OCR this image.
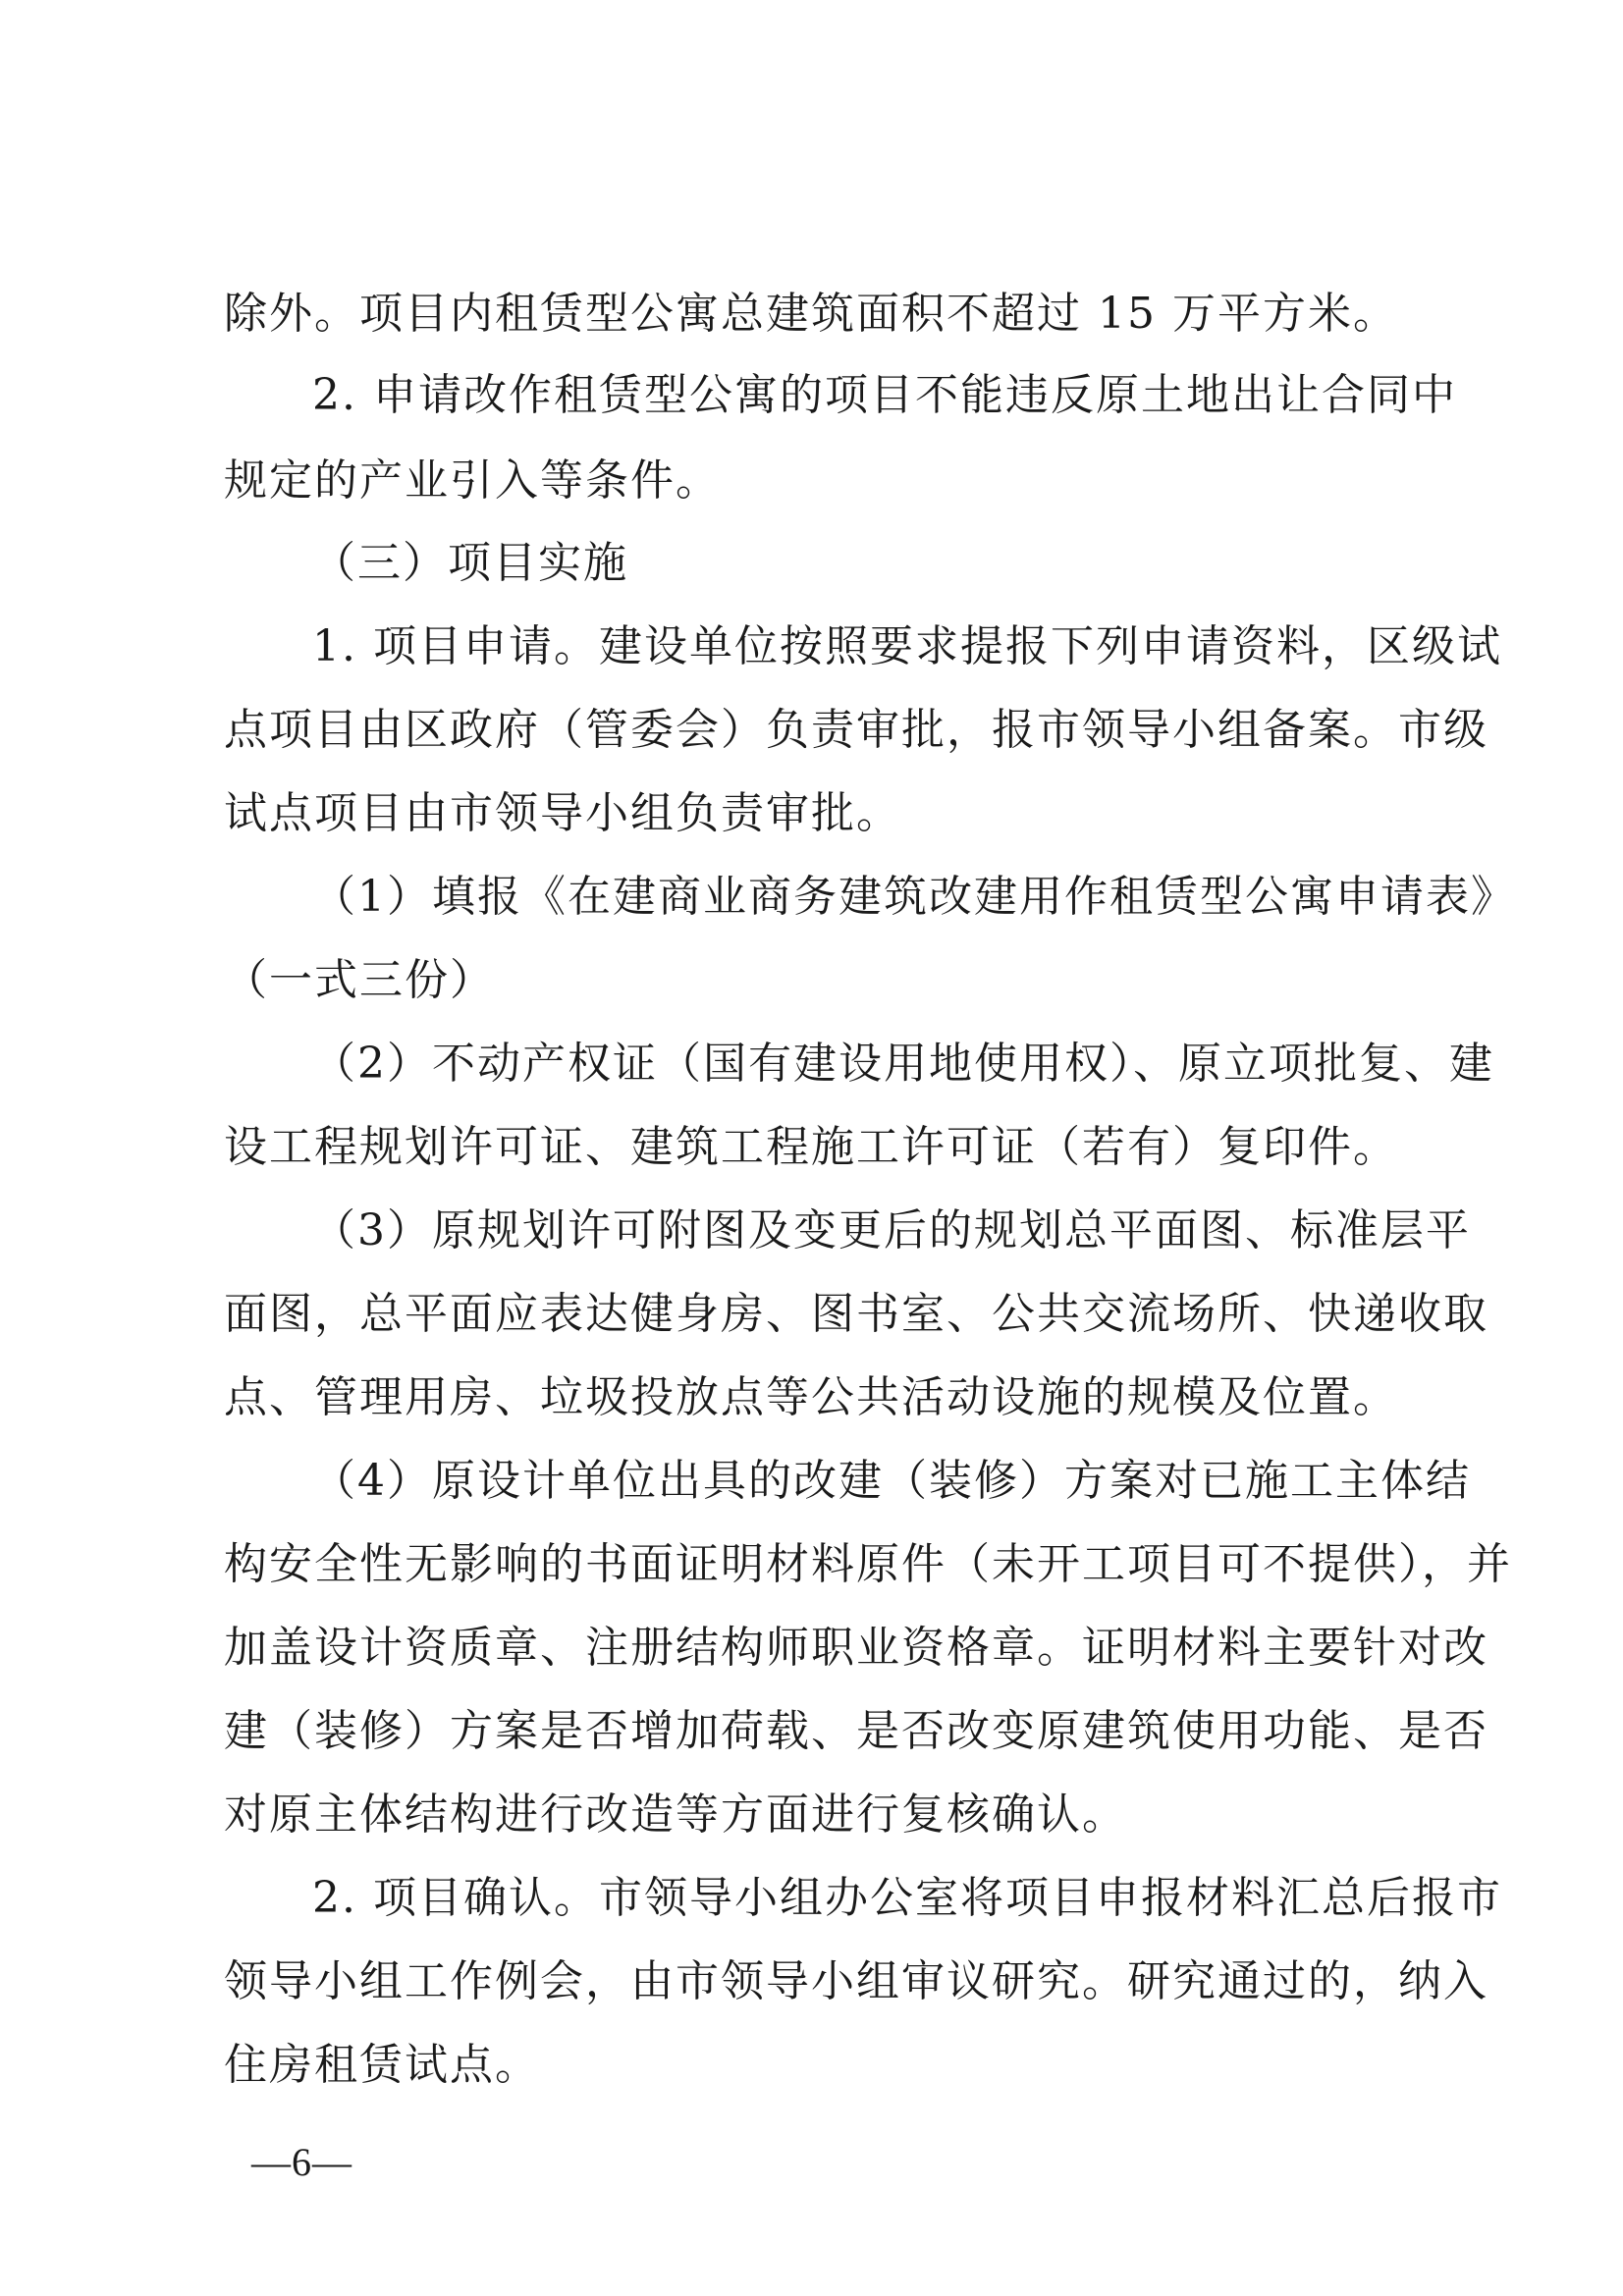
除外。项目内租赁型公寓总建筑面积不超过 15 万平方米。
2. 申请改作租赁型公寓的项目不能违反原土地出让合同中
规定的产业引入等条件。
（三）项目实施
1. 项目申请。建设单位按照要求提报下列申请资料，区级试
点项目由区政府（管委会）负责审批，报市领导小组备案。市级
试点项目由市领导小组负责审批。
（1）填报《在建商业商务建筑改建用作租赁型公寓申请表》
（一式三份）
（2）不动产权证（国有建设用地使用权）、原立项批复、建
设工程规划许可证、建筑工程施工许可证（若有）复印件。
（3）原规划许可附图及变更后的规划总平面图、标准层平
面图，总平面应表达健身房、图书室、公共交流场所、快递收取
点、管理用房、垃圾投放点等公共活动设施的规模及位置。
（4）原设计单位出具的改建（装修）方案对已施工主体结
构安全性无影响的书面证明材料原件（未开工项目可不提供），并
加盖设计资质章、注册结构师职业资格章。证明材料主要针对改
建（装修）方案是否增加荷载、是否改变原建筑使用功能、是否
对原主体结构进行改造等方面进行复核确认。
2. 项目确认。市领导小组办公室将项目申报材料汇总后报市
领导小组工作例会，由市领导小组审议研究。研究通过的，纳入
住房租赁试点。
—6—
